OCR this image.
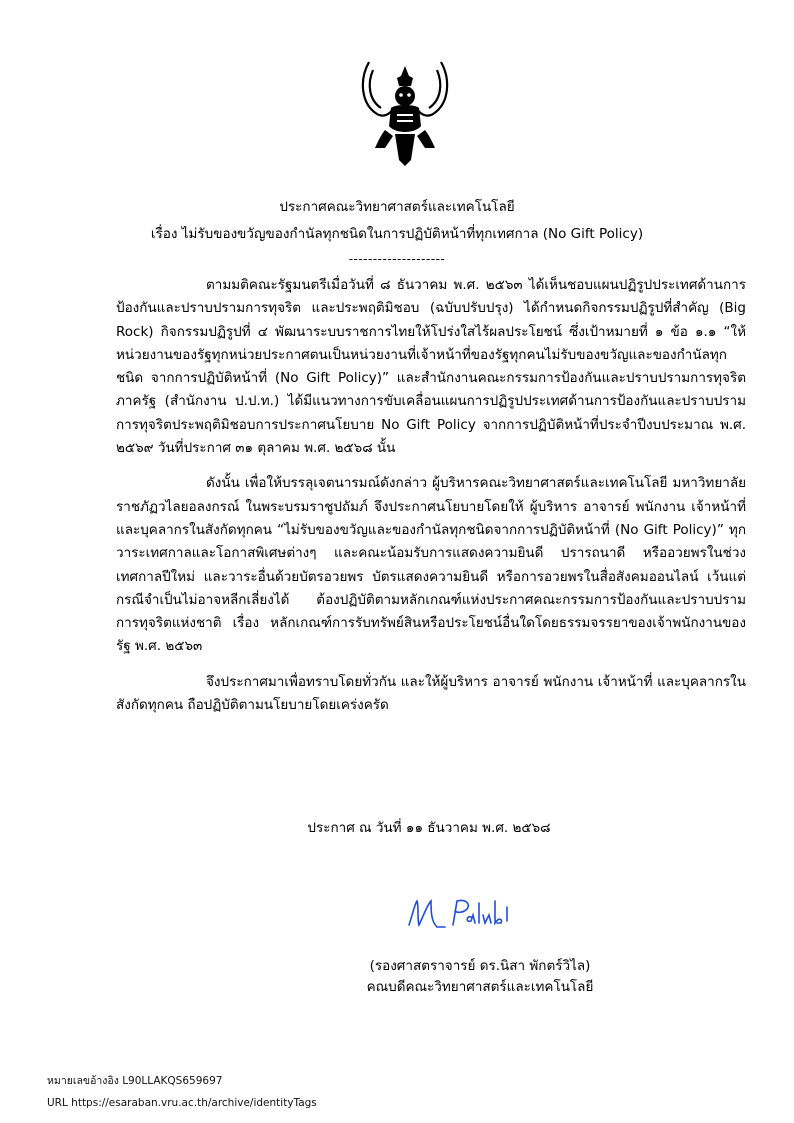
ประกาศคณะวิทยาศาสตร์และเทคโนโลยี
เรื่อง ไม่รับของขวัญของกำนัลทุกชนิดในการปฏิบัติหน้าที่ทุกเทศกาล (No Gift Policy)
--------------------

ตามมติคณะรัฐมนตรีเมื่อวันที่ ๘ ธันวาคม พ.ศ. ๒๕๖๓ ได้เห็นชอบแผนปฏิรูปประเทศด้านการป้องกันและปราบปรามการทุจริต และประพฤติมิชอบ (ฉบับปรับปรุง) ได้กำหนดกิจกรรมปฏิรูปที่สำคัญ (Big Rock) กิจกรรมปฏิรูปที่ ๔ พัฒนาระบบราชการไทยให้โปร่งใสไร้ผลประโยชน์ ซึ่งเป้าหมายที่ ๑ ข้อ ๑.๑ “ให้หน่วยงานของรัฐทุกหน่วยประกาศตนเป็นหน่วยงานที่เจ้าหน้าที่ของรัฐทุกคนไม่รับของขวัญและของกำนัลทุกชนิด จากการปฏิบัติหน้าที่ (No Gift Policy)” และสำนักงานคณะกรรมการป้องกันและปราบปรามการทุจริตภาครัฐ (สำนักงาน ป.ป.ท.) ได้มีแนวทางการขับเคลื่อนแผนการปฏิรูปประเทศด้านการป้องกันและปราบปรามการทุจริตประพฤติมิชอบการประกาศนโยบาย No Gift Policy จากการปฏิบัติหน้าที่ประจำปีงบประมาณ พ.ศ. ๒๕๖๙ วันที่ประกาศ ๓๑ ตุลาคม พ.ศ. ๒๕๖๘ นั้น

ดังนั้น เพื่อให้บรรลุเจตนารมณ์ดังกล่าว ผู้บริหารคณะวิทยาศาสตร์และเทคโนโลยี มหาวิทยาลัยราชภัฏวไลยอลงกรณ์ ในพระบรมราชูปถัมภ์ จึงประกาศนโยบายโดยให้ ผู้บริหาร อาจารย์ พนักงาน เจ้าหน้าที่ และบุคลากรในสังกัดทุกคน “ไม่รับของขวัญและของกำนัลทุกชนิดจากการปฏิบัติหน้าที่ (No Gift Policy)” ทุกวาระเทศกาลและโอกาสพิเศษต่างๆ และคณะน้อมรับการแสดงความยินดี ปรารถนาดี หรืออวยพรในช่วงเทศกาลปีใหม่ และวาระอื่นด้วยบัตรอวยพร บัตรแสดงความยินดี หรือการอวยพรในสื่อสังคมออนไลน์ เว้นแต่กรณีจำเป็นไม่อาจหลีกเลี่ยงได้ ต้องปฏิบัติตามหลักเกณฑ์แห่งประกาศคณะกรรมการป้องกันและปราบปรามการทุจริตแห่งชาติ เรื่อง หลักเกณฑ์การรับทรัพย์สินหรือประโยชน์อื่นใดโดยธรรมจรรยาของเจ้าพนักงานของรัฐ พ.ศ. ๒๕๖๓

จึงประกาศมาเพื่อทราบโดยทั่วกัน และให้ผู้บริหาร อาจารย์ พนักงาน เจ้าหน้าที่ และบุคลากรในสังกัดทุกคน ถือปฏิบัติตามนโยบายโดยเคร่งครัด

ประกาศ ณ วันที่ ๑๑ ธันวาคม พ.ศ. ๒๕๖๘
(รองศาสตราจารย์ ดร.นิสา พักตร์วิไล)
คณบดีคณะวิทยาศาสตร์และเทคโนโลยี
หมายเลขอ้างอิง L90LLAKQS659697
URL https://esaraban.vru.ac.th/archive/identityTags
